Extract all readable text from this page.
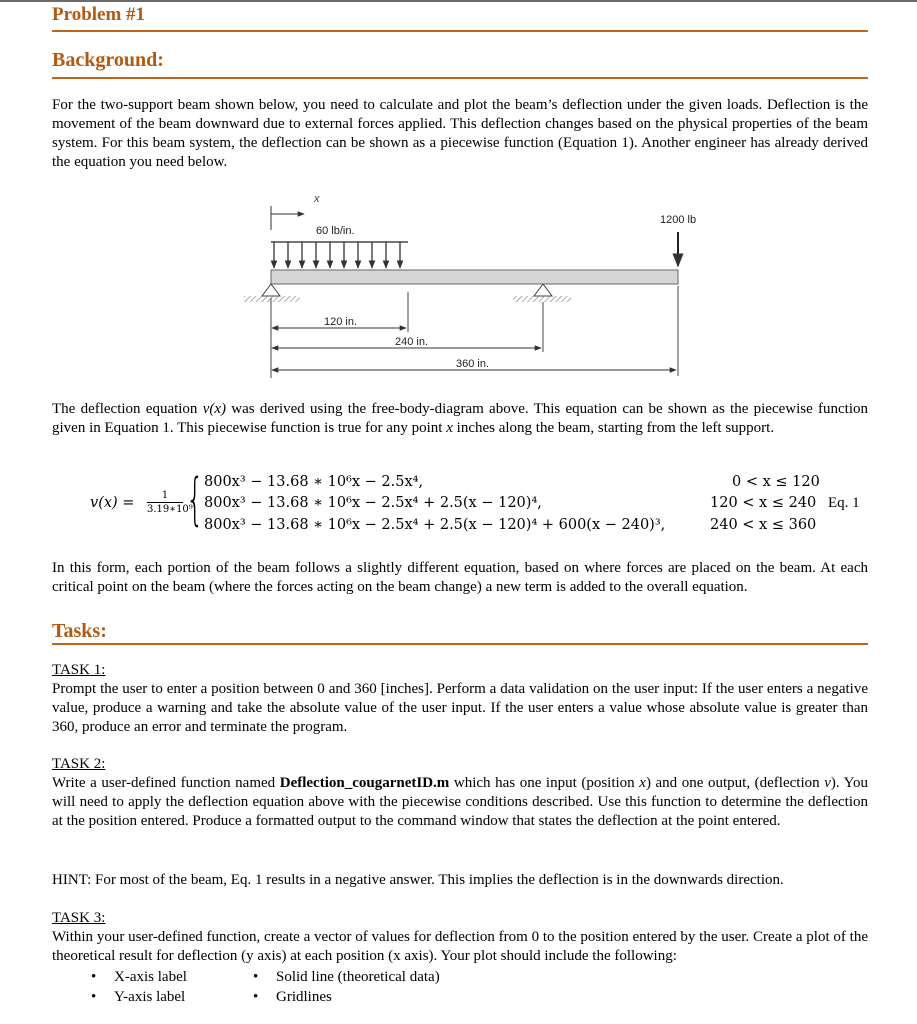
Problem #1
Background:

For the two-support beam shown below, you need to calculate and plot the beam’s deflection under the given loads. Deflection is the movement of the beam downward due to external forces applied. This deflection changes based on the physical properties of the beam system. For this beam system, the deflection can be shown as a piecewise function (Equation 1). Another engineer has already derived the equation you need below.

x
60 lb/in.
1200 lb
120 in.
240 in.
360 in.

The deflection equation v(x) was derived using the free-body-diagram above. This equation can be shown as the piecewise function given in Equation 1. This piecewise function is true for any point x inches along the beam, starting from the left support.

$v(x) = \frac{1}{\text{3.19∗10⁹}}$ { 800x³ − 13.68 ∗ 10⁶x − 2.5x⁴,
800x³ − 13.68 ∗ 10⁶x − 2.5x⁴ + 2.5(x − 120)⁴,
800x³ − 13.68 ∗ 10⁶x − 2.5x⁴ + 2.5(x − 120)⁴ + 600(x − 240)³,
0 < x ≤ 120
120 < x ≤ 240
240 < x ≤ 360
Eq. 1

In this form, each portion of the beam follows a slightly different equation, based on where forces are placed on the beam. At each critical point on the beam (where the forces acting on the beam change) a new term is added to the overall equation.

Tasks:

TASK 1:

Prompt the user to enter a position between 0 and 360 [inches]. Perform a data validation on the user input: If the user enters a negative value, produce a warning and take the absolute value of the user input. If the user enters a value whose absolute value is greater than 360, produce an error and terminate the program.

TASK 2:

Write a user-defined function named Deflection_cougarnetID.m which has one input (position x) and one output, (deflection v). You will need to apply the deflection equation above with the piecewise conditions described. Use this function to determine the deflection at the position entered. Produce a formatted output to the command window that states the deflection at the point entered.

HINT: For most of the beam, Eq. 1 results in a negative answer. This implies the deflection is in the downwards direction.

TASK 3:

Within your user-defined function, create a vector of values for deflection from 0 to the position entered by the user. Create a plot of the theoretical result for deflection (y axis) at each position (x axis). Your plot should include the following:

• X-axis label
• Y-axis label
• Solid line (theoretical data)
• Gridlines
